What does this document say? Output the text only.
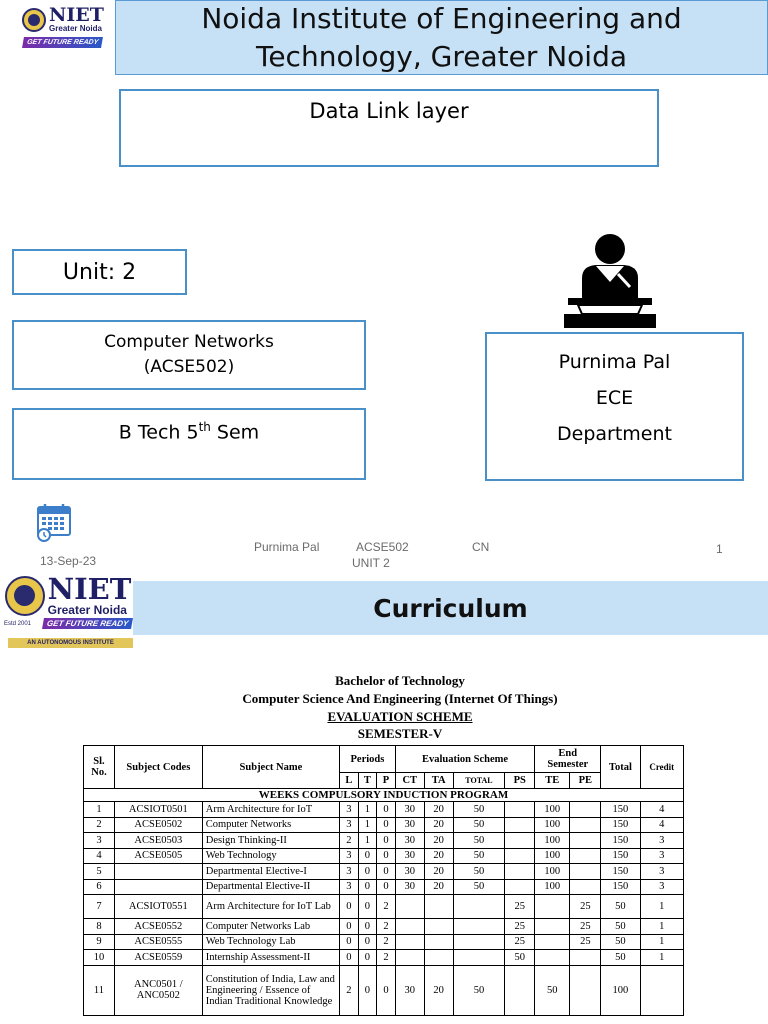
NIET
Greater Noida
GET FUTURE READY
Noida Institute of Engineering and
Technology, Greater Noida
Data Link layer
Unit: 2
Computer Networks
(ACSE502)
B Tech 5th Sem
Purnima Pal
ECE
Department
13-Sep-23
Purnima Pal	ACSE502
UNIT 2
CN	1
NIET
Greater Noida
Estd 2001	GET FUTURE READY
AN AUTONOMOUS INSTITUTE
Curriculum
Bachelor of Technology
Computer Science And Engineering (Internet Of Things)
EVALUATION SCHEME
SEMESTER-V
Sl. No.	Subject Codes	Subject Name	Periods			Evaluation Scheme				End Semester		Total	Credit
			L	T	P	CT	TA	TOTAL	PS	TE	PE		
WEEKS COMPULSORY INDUCTION PROGRAM													
1	ACSIOT0501	Arm Architecture for IoT	3	1	0	30	20	50		100		150	4
2	ACSE0502	Computer Networks	3	1	0	30	20	50		100		150	4
3	ACSE0503	Design Thinking-II	2	1	0	30	20	50		100		150	3
4	ACSE0505	Web Technology	3	0	0	30	20	50		100		150	3
5		Departmental Elective-I	3	0	0	30	20	50		100		150	3
6		Departmental Elective-II	3	0	0	30	20	50		100		150	3
7	ACSIOT0551	Arm Architecture for IoT Lab	0	0	2				25		25	50	1
8	ACSE0552	Computer Networks Lab	0	0	2				25		25	50	1
9	ACSE0555	Web Technology Lab	0	0	2				25		25	50	1
10	ACSE0559	Internship Assessment-II	0	0	2				50			50	1
11	ANC0501 / ANC0502	Constitution of India, Law and Engineering / Essence of Indian Traditional Knowledge	2	0	0	30	20	50		50		100	
